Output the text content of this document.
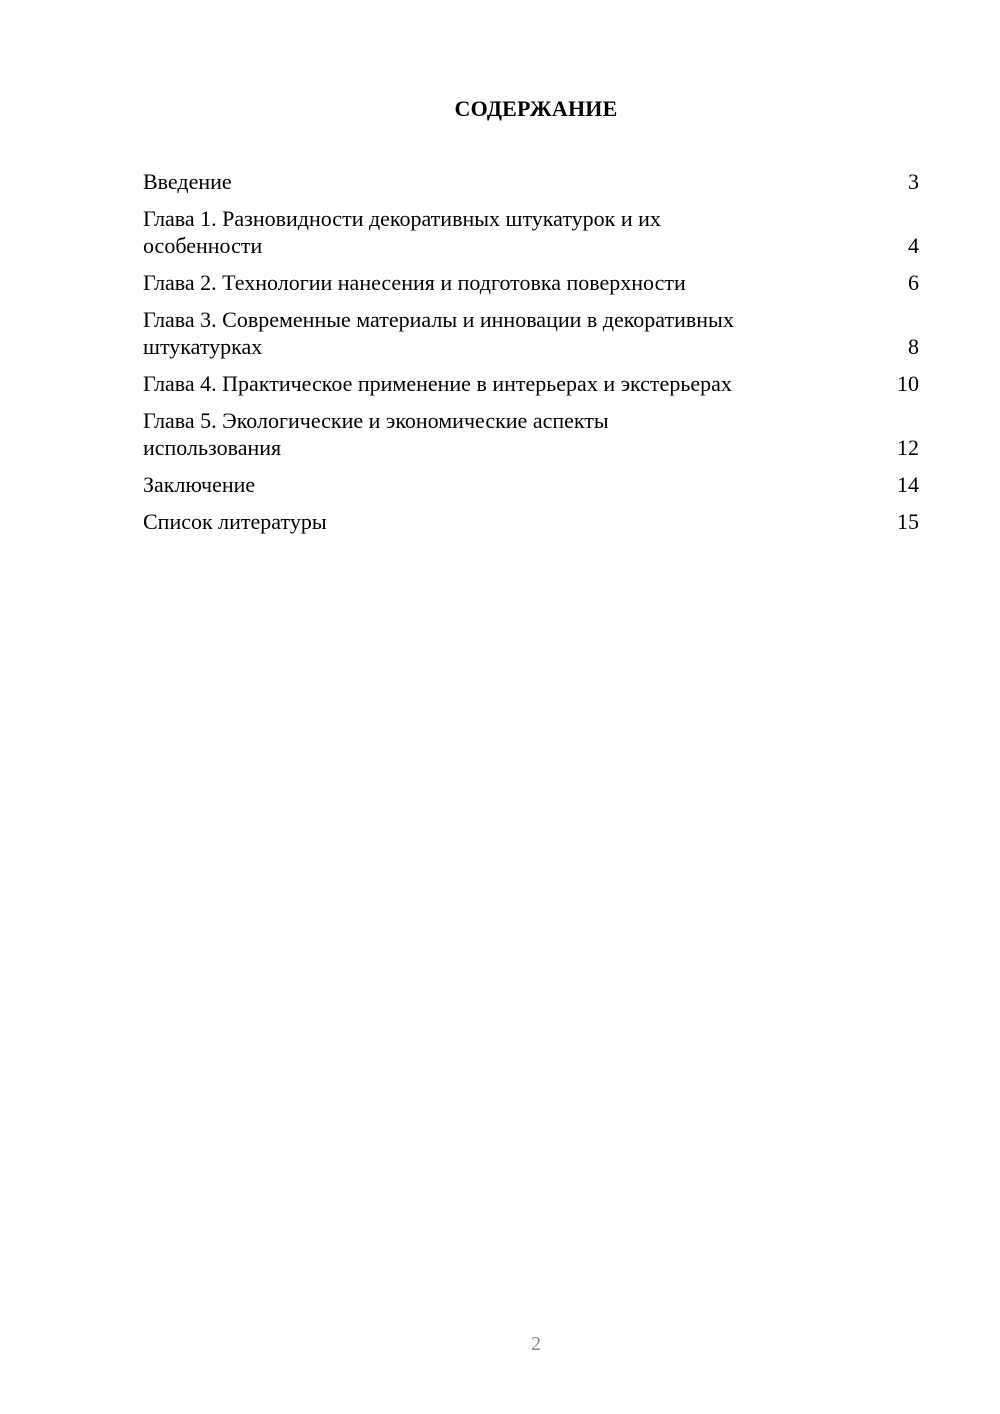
СОДЕРЖАНИЕ
Введение	3
Глава 1. Разновидности декоративных штукатурок и их особенности	4
Глава 2. Технологии нанесения и подготовка поверхности	6
Глава 3. Современные материалы и инновации в декоративных штукатурках	8
Глава 4. Практическое применение в интерьерах и экстерьерах	10
Глава 5. Экологические и экономические аспекты использования	12
Заключение	14
Список литературы	15
2
